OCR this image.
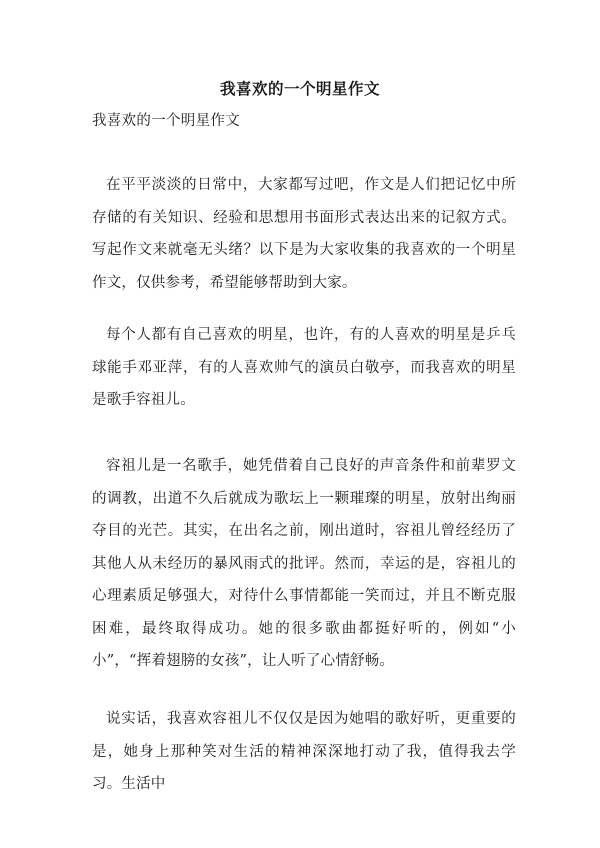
我喜欢的一个明星作文
我喜欢的一个明星作文

在平平淡淡的日常中，大家都写过吧，作文是人们把记忆中所存储的有关知识、经验和思想用书面形式表达出来的记叙方式。写起作文来就毫无头绪？以下是为大家收集的我喜欢的一个明星作文，仅供参考，希望能够帮助到大家。

每个人都有自己喜欢的明星，也许，有的人喜欢的明星是乒乓球能手邓亚萍，有的人喜欢帅气的演员白敬亭，而我喜欢的明星是歌手容祖儿。

容祖儿是一名歌手，她凭借着自己良好的声音条件和前辈罗文的调教，出道不久后就成为歌坛上一颗璀璨的明星，放射出绚丽夺目的光芒。其实，在出名之前，刚出道时，容祖儿曾经经历了其他人从未经历的暴风雨式的批评。然而，幸运的是，容祖儿的心理素质足够强大，对待什么事情都能一笑而过，并且不断克服困难，最终取得成功。她的很多歌曲都挺好听的，例如“小小”，“挥着翅膀的女孩”，让人听了心情舒畅。

说实话，我喜欢容祖儿不仅仅是因为她唱的歌好听，更重要的是，她身上那种笑对生活的精神深深地打动了我，值得我去学习。生活中
